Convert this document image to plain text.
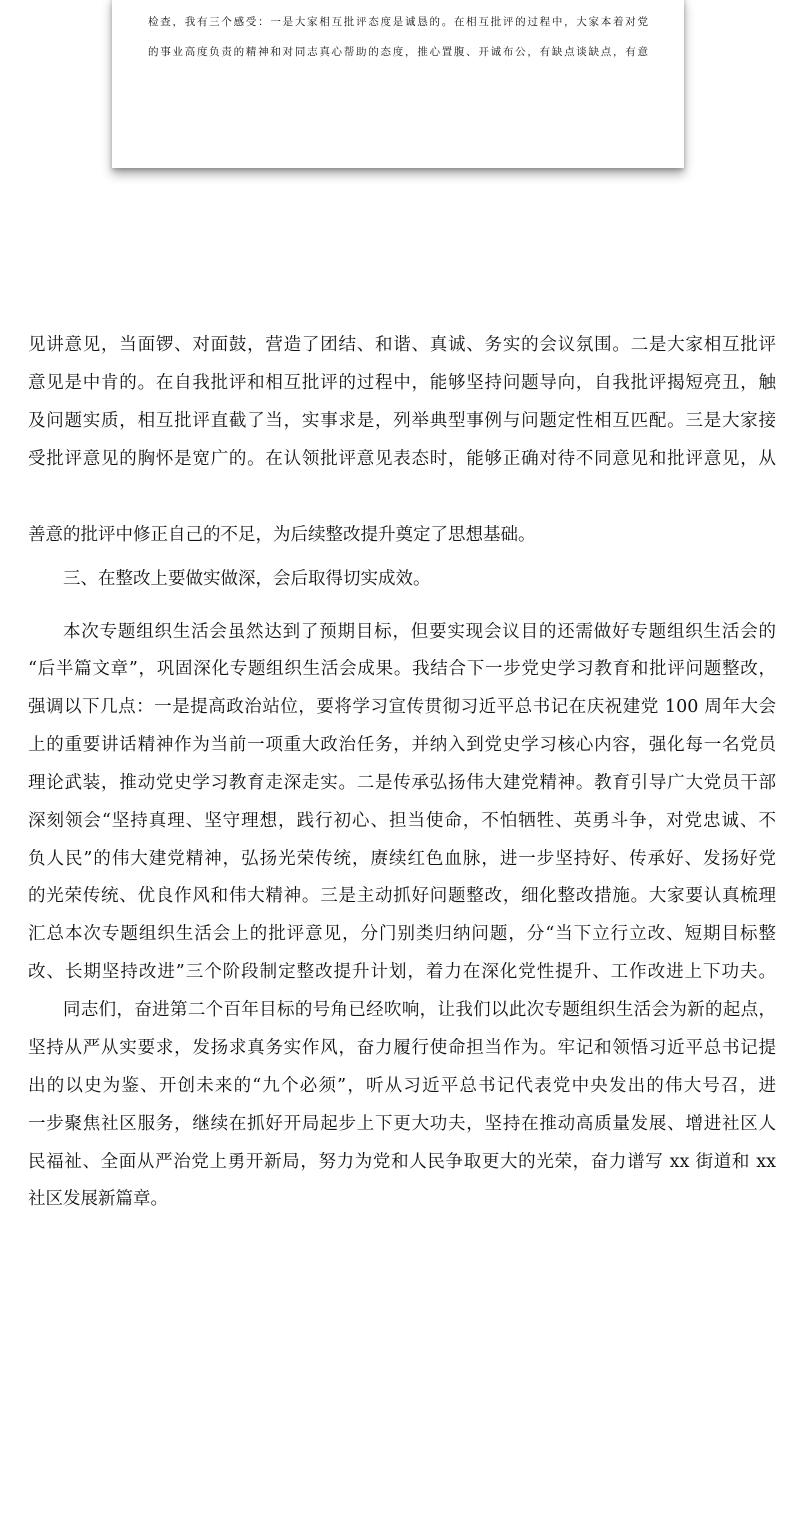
检查，我有三个感受：一是大家相互批评态度是诚恳的。在相互批评的过程中，大家本着对党
的事业高度负责的精神和对同志真心帮助的态度，推心置腹、开诚布公，有缺点谈缺点，有意
见讲意见，当面锣、对面鼓，营造了团结、和谐、真诚、务实的会议氛围。二是大家相互批评
意见是中肯的。在自我批评和相互批评的过程中，能够坚持问题导向，自我批评揭短亮丑，触
及问题实质，相互批评直截了当，实事求是，列举典型事例与问题定性相互匹配。三是大家接
受批评意见的胸怀是宽广的。在认领批评意见表态时，能够正确对待不同意见和批评意见，从
善意的批评中修正自己的不足，为后续整改提升奠定了思想基础。
三、在整改上要做实做深，会后取得切实成效。
本次专题组织生活会虽然达到了预期目标，但要实现会议目的还需做好专题组织生活会的
“后半篇文章”，巩固深化专题组织生活会成果。我结合下一步党史学习教育和批评问题整改，
强调以下几点：一是提高政治站位，要将学习宣传贯彻习近平总书记在庆祝建党 100 周年大会
上的重要讲话精神作为当前一项重大政治任务，并纳入到党史学习核心内容，强化每一名党员
理论武装，推动党史学习教育走深走实。二是传承弘扬伟大建党精神。教育引导广大党员干部
深刻领会“坚持真理、坚守理想，践行初心、担当使命，不怕牺牲、英勇斗争，对党忠诚、不
负人民”的伟大建党精神，弘扬光荣传统，赓续红色血脉，进一步坚持好、传承好、发扬好党
的光荣传统、优良作风和伟大精神。三是主动抓好问题整改，细化整改措施。大家要认真梳理
汇总本次专题组织生活会上的批评意见，分门别类归纳问题，分“当下立行立改、短期目标整
改、长期坚持改进”三个阶段制定整改提升计划，着力在深化党性提升、工作改进上下功夫。
同志们，奋进第二个百年目标的号角已经吹响，让我们以此次专题组织生活会为新的起点，
坚持从严从实要求，发扬求真务实作风，奋力履行使命担当作为。牢记和领悟习近平总书记提
出的以史为鉴、开创未来的“九个必须”，听从习近平总书记代表党中央发出的伟大号召，进
一步聚焦社区服务，继续在抓好开局起步上下更大功夫，坚持在推动高质量发展、增进社区人
民福祉、全面从严治党上勇开新局，努力为党和人民争取更大的光荣，奋力谱写 xx 街道和 xx
社区发展新篇章。
